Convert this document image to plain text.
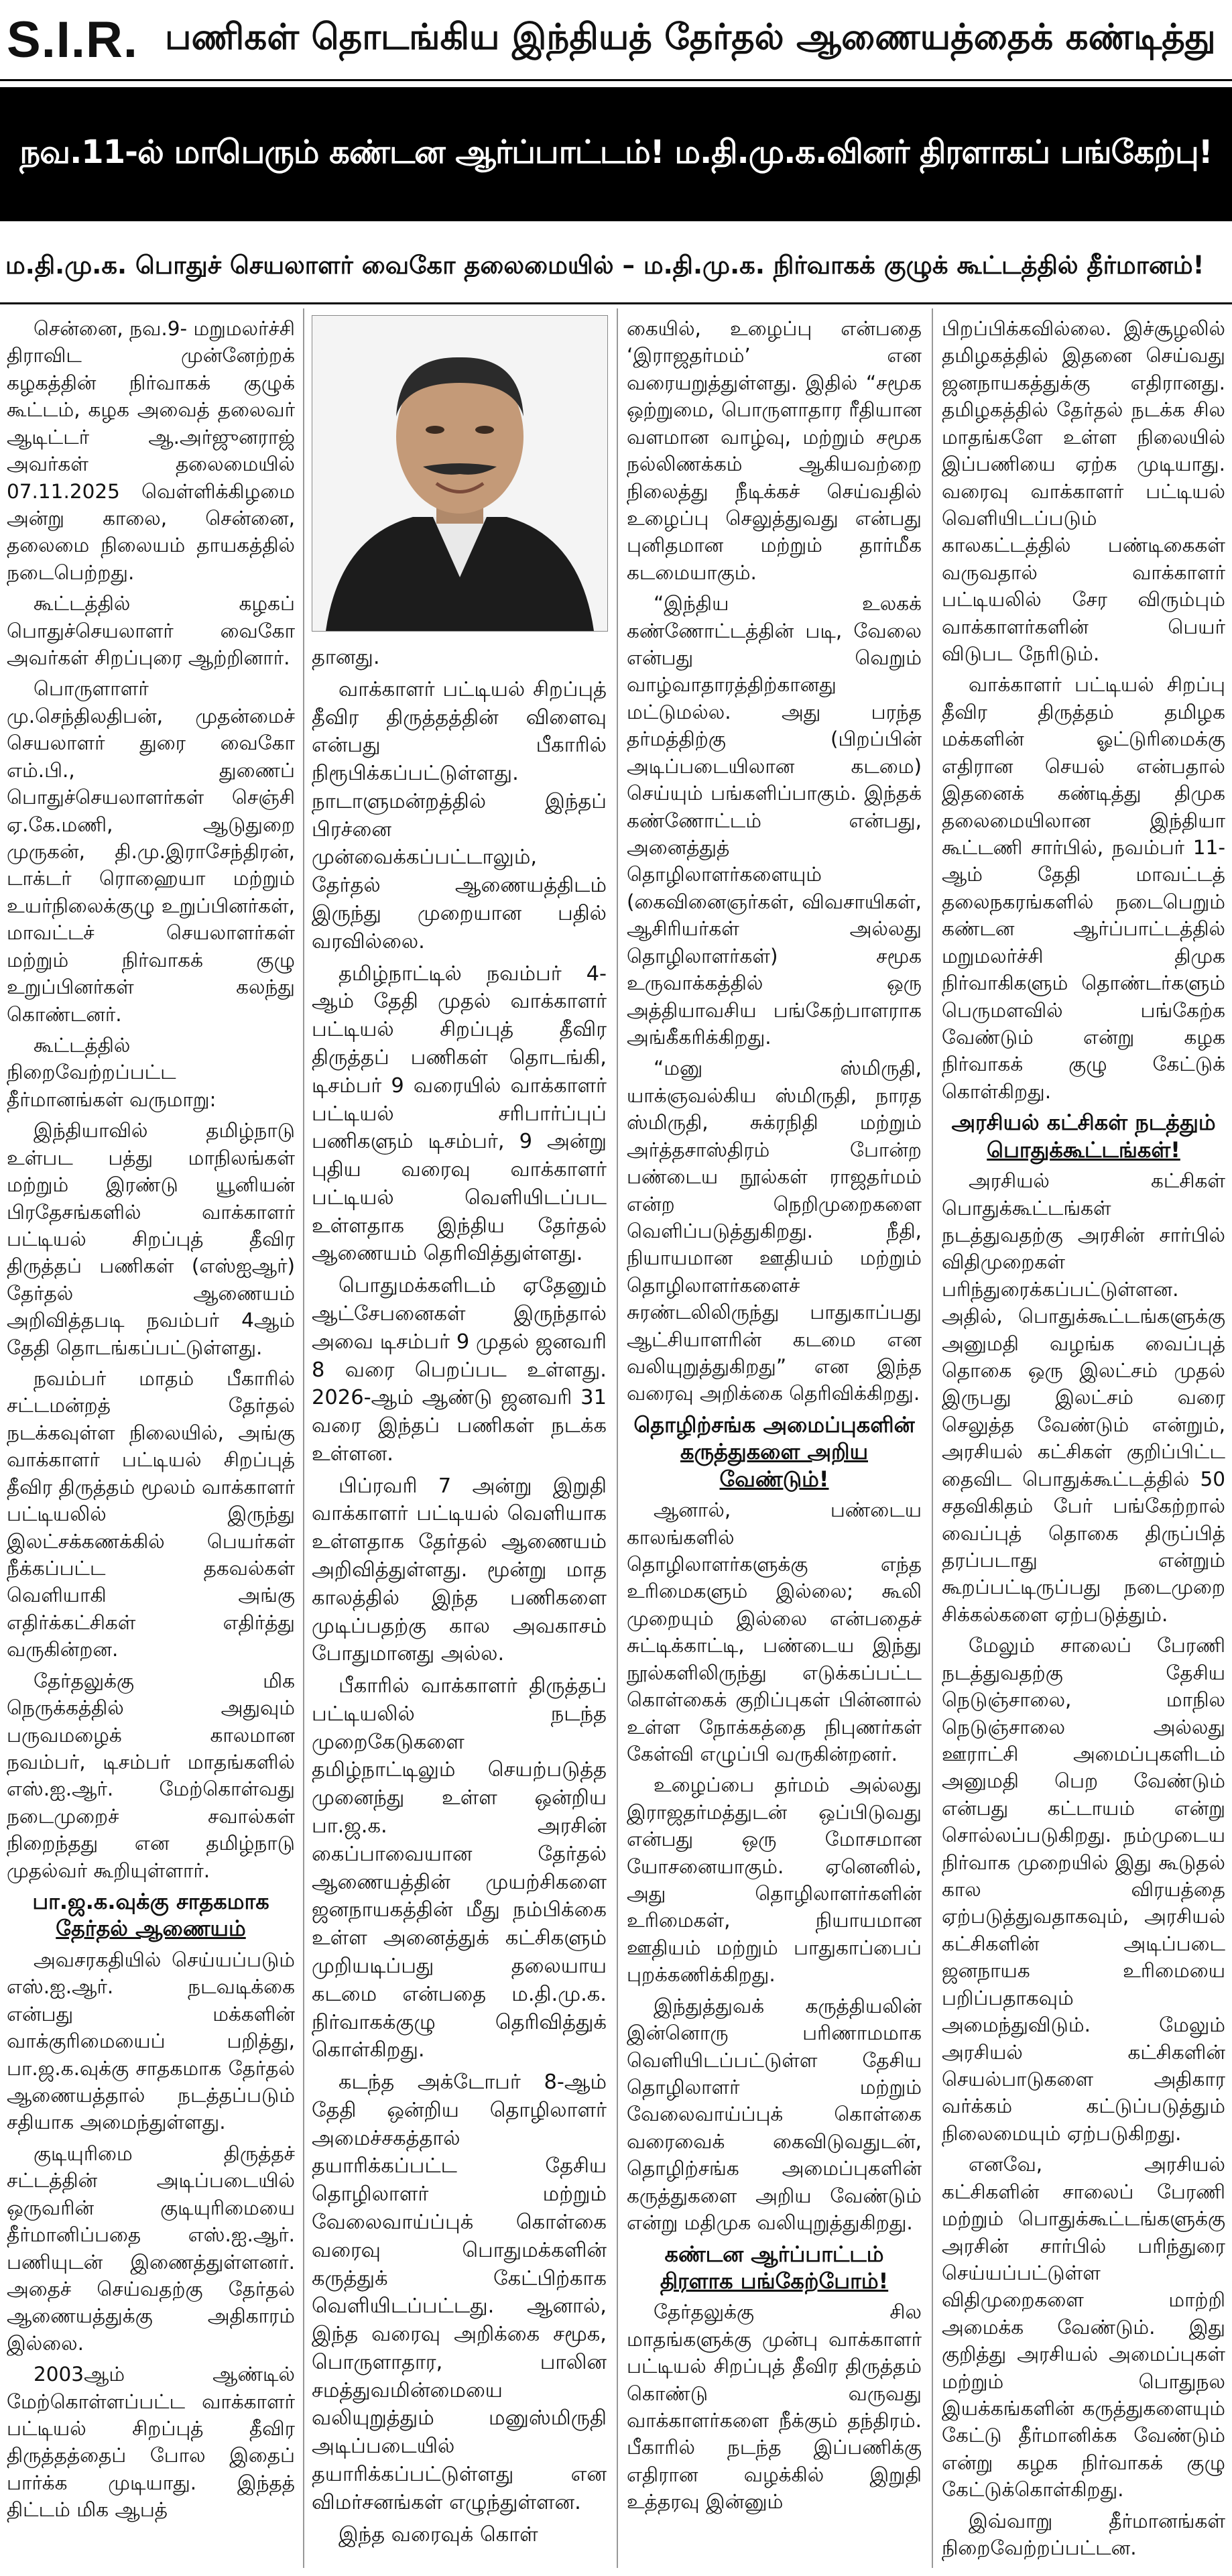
S.I.R. பணிகள் தொடங்கிய இந்தியத் தேர்தல் ஆணையத்தைக் கண்டித்து
நவ.11-ல் மாபெரும் கண்டன ஆர்ப்பாட்டம்! ம.தி.மு.க.வினர் திரளாகப் பங்கேற்பு!
ம.தி.மு.க. பொதுச் செயலாளர் வைகோ தலைமையில் – ம.தி.மு.க. நிர்வாகக் குழுக் கூட்டத்தில் தீர்மானம்!

சென்னை, நவ.9- மறுமலர்ச்சி திராவிட முன்னேற்றக் கழகத்தின் நிர்வாகக் குழுக் கூட்டம், கழக அவைத் தலைவர் ஆடிட்டர் ஆ.அர்ஜுனராஜ் அவர்கள் தலைமையில் 07.11.2025 வெள்ளிக்கிழமை அன்று காலை, சென்னை, தலைமை நிலையம் தாயகத்தில் நடைபெற்றது.

கூட்டத்தில் கழகப் பொதுச்செயலாளர் வைகோ அவர்கள் சிறப்புரை ஆற்றினார்.

பொருளாளர் மு.செந்திலதிபன், முதன்மைச் செயலாளர் துரை வைகோ எம்.பி., துணைப் பொதுச்செயலாளர்கள் செஞ்சி ஏ.கே.மணி, ஆடுதுறை முருகன், தி.மு.இராசேந்திரன், டாக்டர் ரொஹையா மற்றும் உயர்நிலைக்குழு உறுப்பினர்கள், மாவட்டச் செயலாளர்கள் மற்றும் நிர்வாகக் குழு உறுப்பினர்கள் கலந்து கொண்டனர்.

கூட்டத்தில் நிறைவேற்றப்பட்ட தீர்மானங்கள் வருமாறு:

இந்தியாவில் தமிழ்நாடு உள்பட பத்து மாநிலங்கள் மற்றும் இரண்டு யூனியன் பிரதேசங்களில் வாக்காளர் பட்டியல் சிறப்புத் தீவிர திருத்தப் பணிகள் (எஸ்ஐஆர்) தேர்தல் ஆணையம் அறிவித்தபடி நவம்பர் 4ஆம் தேதி தொடங்கப்பட்டுள்ளது.

நவம்பர் மாதம் பீகாரில் சட்டமன்றத் தேர்தல் நடக்கவுள்ள நிலையில், அங்கு வாக்காளர் பட்டியல் சிறப்புத் தீவிர திருத்தம் மூலம் வாக்காளர் பட்டியலில் இருந்து இலட்சக்கணக்கில் பெயர்கள் நீக்கப்பட்ட தகவல்கள் வெளியாகி அங்கு எதிர்க்கட்சிகள் எதிர்த்து வருகின்றன.

தேர்தலுக்கு மிக நெருக்கத்தில் அதுவும் பருவமழைக் காலமான நவம்பர், டிசம்பர் மாதங்களில் எஸ்.ஐ.ஆர். மேற்கொள்வது நடைமுறைச் சவால்கள் நிறைந்தது என தமிழ்நாடு முதல்வர் கூறியுள்ளார்.

பா.ஜ.க.வுக்கு சாதகமாக

தேர்தல் ஆணையம்

அவசரகதியில் செய்யப்படும் எஸ்.ஐ.ஆர். நடவடிக்கை என்பது மக்களின் வாக்குரிமையைப் பறித்து, பா.ஜ.க.வுக்கு சாதகமாக தேர்தல் ஆணையத்தால் நடத்தப்படும் சதியாக அமைந்துள்ளது.

குடியுரிமை திருத்தச் சட்டத்தின் அடிப்படையில் ஒருவரின் குடியுரிமையை தீர்மானிப்பதை எஸ்.ஐ.ஆர். பணியுடன் இணைத்துள்ளனர். அதைச் செய்வதற்கு தேர்தல் ஆணையத்துக்கு அதிகாரம் இல்லை.

2003ஆம் ஆண்டில் மேற்கொள்ளப்பட்ட வாக்காளர் பட்டியல் சிறப்புத் தீவிர திருத்தத்தைப் போல இதைப் பார்க்க முடியாது. இந்தத் திட்டம் மிக ஆபத்

தானது.

வாக்காளர் பட்டியல் சிறப்புத் தீவிர திருத்தத்தின் விளைவு என்பது பீகாரில் நிரூபிக்கப்பட்டுள்ளது. நாடாளுமன்றத்தில் இந்தப் பிரச்னை முன்வைக்கப்பட்டாலும், தேர்தல் ஆணையத்திடம் இருந்து முறையான பதில் வரவில்லை.

தமிழ்நாட்டில் நவம்பர் 4-ஆம் தேதி முதல் வாக்காளர் பட்டியல் சிறப்புத் தீவிர திருத்தப் பணிகள் தொடங்கி, டிசம்பர் 9 வரையில் வாக்காளர் பட்டியல் சரிபார்ப்புப் பணிகளும் டிசம்பர், 9 அன்று புதிய வரைவு வாக்காளர் பட்டியல் வெளியிடப்பட உள்ளதாக இந்திய தேர்தல் ஆணையம் தெரிவித்துள்ளது.

பொதுமக்களிடம் ஏதேனும் ஆட்சேபனைகள் இருந்தால் அவை டிசம்பர் 9 முதல் ஜனவரி 8 வரை பெறப்பட உள்ளது. 2026-ஆம் ஆண்டு ஜனவரி 31 வரை இந்தப் பணிகள் நடக்க உள்ளன.

பிப்ரவரி 7 அன்று இறுதி வாக்காளர் பட்டியல் வெளியாக உள்ளதாக தேர்தல் ஆணையம் அறிவித்துள்ளது. மூன்று மாத காலத்தில் இந்த பணிகளை முடிப்பதற்கு கால அவகாசம் போதுமானது அல்ல.

பீகாரில் வாக்காளர் திருத்தப் பட்டியலில் நடந்த முறைகேடுகளை தமிழ்நாட்டிலும் செயற்படுத்த முனைந்து உள்ள ஒன்றிய பா.ஜ.க. அரசின் கைப்பாவையான தேர்தல் ஆணையத்தின் முயற்சிகளை ஜனநாயகத்தின் மீது நம்பிக்கை உள்ள அனைத்துக் கட்சிகளும் முறியடிப்பது தலையாய கடமை என்பதை ம.தி.மு.க. நிர்வாகக்குழு தெரிவித்துக் கொள்கிறது.

கடந்த அக்டோபர் 8-ஆம் தேதி ஒன்றிய தொழிலாளர் அமைச்சகத்தால் தயாரிக்கப்பட்ட தேசிய தொழிலாளர் மற்றும் வேலைவாய்ப்புக் கொள்கை வரைவு பொதுமக்களின் கருத்துக் கேட்பிற்காக வெளியிடப்பட்டது. ஆனால், இந்த வரைவு அறிக்கை சமூக, பொருளாதார, பாலின சமத்துவமின்மையை வலியுறுத்தும் மனுஸ்மிருதி அடிப்படையில் தயாரிக்கப்பட்டுள்ளது என விமர்சனங்கள் எழுந்துள்ளன.

இந்த வரைவுக் கொள்

கையில், உழைப்பு என்பதை ‘இராஜதர்மம்’ என வரையறுத்துள்ளது. இதில் “சமூக ஒற்றுமை, பொருளாதார ரீதியான வளமான வாழ்வு, மற்றும் சமூக நல்லிணக்கம் ஆகியவற்றை நிலைத்து நீடிக்கச் செய்வதில் உழைப்பு செலுத்துவது என்பது புனிதமான மற்றும் தார்மீக கடமையாகும்.

“இந்திய உலகக் கண்ணோட்டத்தின் படி, வேலை என்பது வெறும் வாழ்வாதாரத்திற்கானது மட்டுமல்ல. அது பரந்த தர்மத்திற்கு (பிறப்பின் அடிப்படையிலான கடமை) செய்யும் பங்களிப்பாகும். இந்தக் கண்ணோட்டம் என்பது, அனைத்துத் தொழிலாளர்களையும் (கைவினைஞர்கள், விவசாயிகள், ஆசிரியர்கள் அல்லது தொழிலாளர்கள்) சமூக உருவாக்கத்தில் ஒரு அத்தியாவசிய பங்கேற்பாளராக அங்கீகரிக்கிறது.

“மனு ஸ்மிருதி, யாக்ஞவல்கிய ஸ்மிருதி, நாரத ஸ்மிருதி, சுக்ரநிதி மற்றும் அர்த்தசாஸ்திரம் போன்ற பண்டைய நூல்கள் ராஜதர்மம் என்ற நெறிமுறைகளை வெளிப்படுத்துகிறது. நீதி, நியாயமான ஊதியம் மற்றும் தொழிலாளர்களைச் சுரண்டலிலிருந்து பாதுகாப்பது ஆட்சியாளரின் கடமை என வலியுறுத்துகிறது” என இந்த வரைவு அறிக்கை தெரிவிக்கிறது.

தொழிற்சங்க அமைப்புகளின்

கருத்துகளை அறிய வேண்டும்!

ஆனால், பண்டைய காலங்களில் தொழிலாளர்களுக்கு எந்த உரிமைகளும் இல்லை; கூலி முறையும் இல்லை என்பதைச் சுட்டிக்காட்டி, பண்டைய இந்து நூல்களிலிருந்து எடுக்கப்பட்ட கொள்கைக் குறிப்புகள் பின்னால் உள்ள நோக்கத்தை நிபுணர்கள் கேள்வி எழுப்பி வருகின்றனர்.

உழைப்பை தர்மம் அல்லது இராஜதர்மத்துடன் ஒப்பிடுவது என்பது ஒரு மோசமான யோசனையாகும். ஏனெனில், அது தொழிலாளர்களின் உரிமைகள், நியாயமான ஊதியம் மற்றும் பாதுகாப்பைப் புறக்கணிக்கிறது.

இந்துத்துவக் கருத்தியலின் இன்னொரு பரிணாமமாக வெளியிடப்பட்டுள்ள தேசிய தொழிலாளர் மற்றும் வேலைவாய்ப்புக் கொள்கை வரைவைக் கைவிடுவதுடன், தொழிற்சங்க அமைப்புகளின் கருத்துகளை அறிய வேண்டும் என்று மதிமுக வலியுறுத்துகிறது.

கண்டன ஆர்ப்பாட்டம்

திரளாக பங்கேற்போம்!

தேர்தலுக்கு சில மாதங்களுக்கு முன்பு வாக்காளர் பட்டியல் சிறப்புத் தீவிர திருத்தம் கொண்டு வருவது வாக்காளர்களை நீக்கும் தந்திரம். பீகாரில் நடந்த இப்பணிக்கு எதிரான வழக்கில் இறுதி உத்தரவு இன்னும்

பிறப்பிக்கவில்லை. இச்சூழலில் தமிழகத்தில் இதனை செய்வது ஜனநாயகத்துக்கு எதிரானது. தமிழகத்தில் தேர்தல் நடக்க சில மாதங்களே உள்ள நிலையில் இப்பணியை ஏற்க முடியாது. வரைவு வாக்காளர் பட்டியல் வெளியிடப்படும் காலகட்டத்தில் பண்டிகைகள் வருவதால் வாக்காளர் பட்டியலில் சேர விரும்பும் வாக்காளர்களின் பெயர் விடுபட நேரிடும்.

வாக்காளர் பட்டியல் சிறப்பு தீவிர திருத்தம் தமிழக மக்களின் ஓட்டுரிமைக்கு எதிரான செயல் என்பதால் இதனைக் கண்டித்து திமுக தலைமையிலான இந்தியா கூட்டணி சார்பில், நவம்பர் 11-ஆம் தேதி மாவட்டத் தலைநகரங்களில் நடைபெறும் கண்டன ஆர்ப்பாட்டத்தில் மறுமலர்ச்சி திமுக நிர்வாகிகளும் தொண்டர்களும் பெருமளவில் பங்கேற்க வேண்டும் என்று கழக நிர்வாகக் குழு கேட்டுக் கொள்கிறது.

அரசியல் கட்சிகள் நடத்தும்

பொதுக்கூட்டங்கள்!

அரசியல் கட்சிகள் பொதுக்கூட்டங்கள் நடத்துவதற்கு அரசின் சார்பில் விதிமுறைகள் பரிந்துரைக்கப்பட்டுள்ளன. அதில், பொதுக்கூட்டங்களுக்கு அனுமதி வழங்க வைப்புத் தொகை ஒரு இலட்சம் முதல் இருபது இலட்சம் வரை செலுத்த வேண்டும் என்றும், அரசியல் கட்சிகள் குறிப்பிட்ட தைவிட பொதுக்கூட்டத்தில் 50 சதவிகிதம் பேர் பங்கேற்றால் வைப்புத் தொகை திருப்பித் தரப்படாது என்றும் கூறப்பட்டிருப்பது நடைமுறை சிக்கல்களை ஏற்படுத்தும்.

மேலும் சாலைப் பேரணி நடத்துவதற்கு தேசிய நெடுஞ்சாலை, மாநில நெடுஞ்சாலை அல்லது ஊராட்சி அமைப்புகளிடம் அனுமதி பெற வேண்டும் என்பது கட்டாயம் என்று சொல்லப்படுகிறது. நம்முடைய நிர்வாக முறையில் இது கூடுதல் கால விரயத்தை ஏற்படுத்துவதாகவும், அரசியல் கட்சிகளின் அடிப்படை ஜனநாயக உரிமையை பறிப்பதாகவும் அமைந்துவிடும். மேலும் அரசியல் கட்சிகளின் செயல்பாடுகளை அதிகார வர்க்கம் கட்டுப்படுத்தும் நிலைமையும் ஏற்படுகிறது.

எனவே, அரசியல் கட்சிகளின் சாலைப் பேரணி மற்றும் பொதுக்கூட்டங்களுக்கு அரசின் சார்பில் பரிந்துரை செய்யப்பட்டுள்ள விதிமுறைகளை மாற்றி அமைக்க வேண்டும். இது குறித்து அரசியல் அமைப்புகள் மற்றும் பொதுநல இயக்கங்களின் கருத்துகளையும் கேட்டு தீர்மானிக்க வேண்டும் என்று கழக நிர்வாகக் குழு கேட்டுக்கொள்கிறது.

இவ்வாறு தீர்மானங்கள் நிறைவேற்றப்பட்டன.
